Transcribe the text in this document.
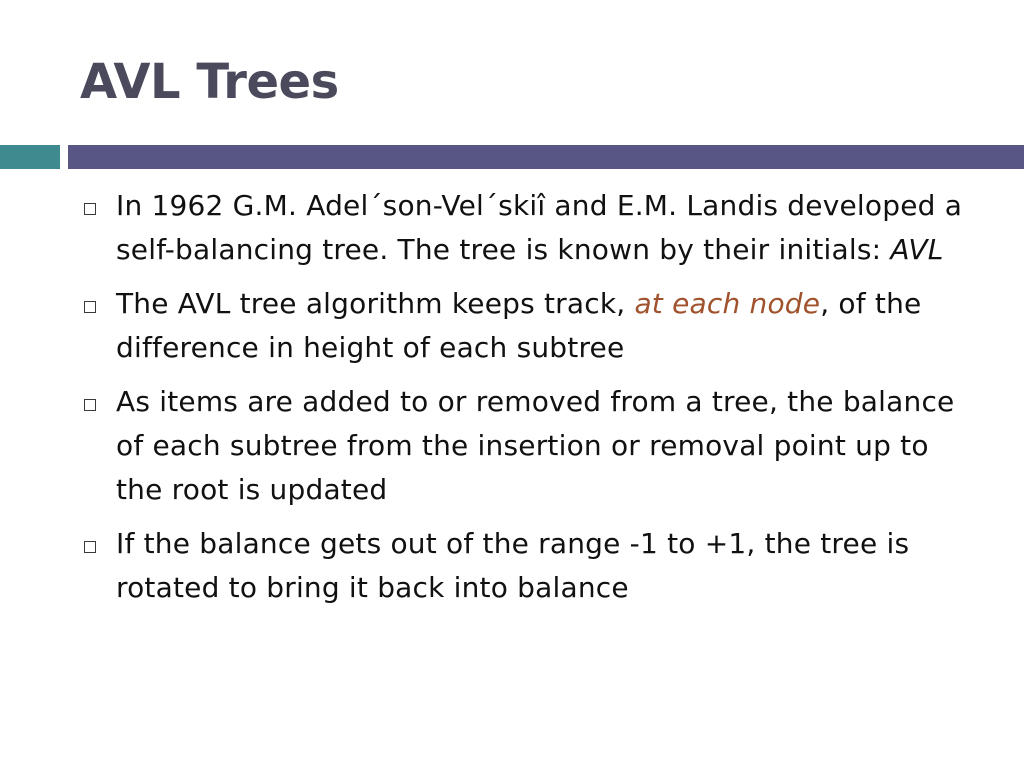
AVL Trees
In 1962 G.M. Adel´son-Vel´skiî and E.M. Landis developed a self-balancing tree. The tree is known by their initials: AVL
The AVL tree algorithm keeps track, at each node, of the difference in height of each subtree
As items are added to or removed from a tree, the balance of each subtree from the insertion or removal point up to the root is updated
If the balance gets out of the range -1 to +1, the tree is rotated to bring it back into balance
